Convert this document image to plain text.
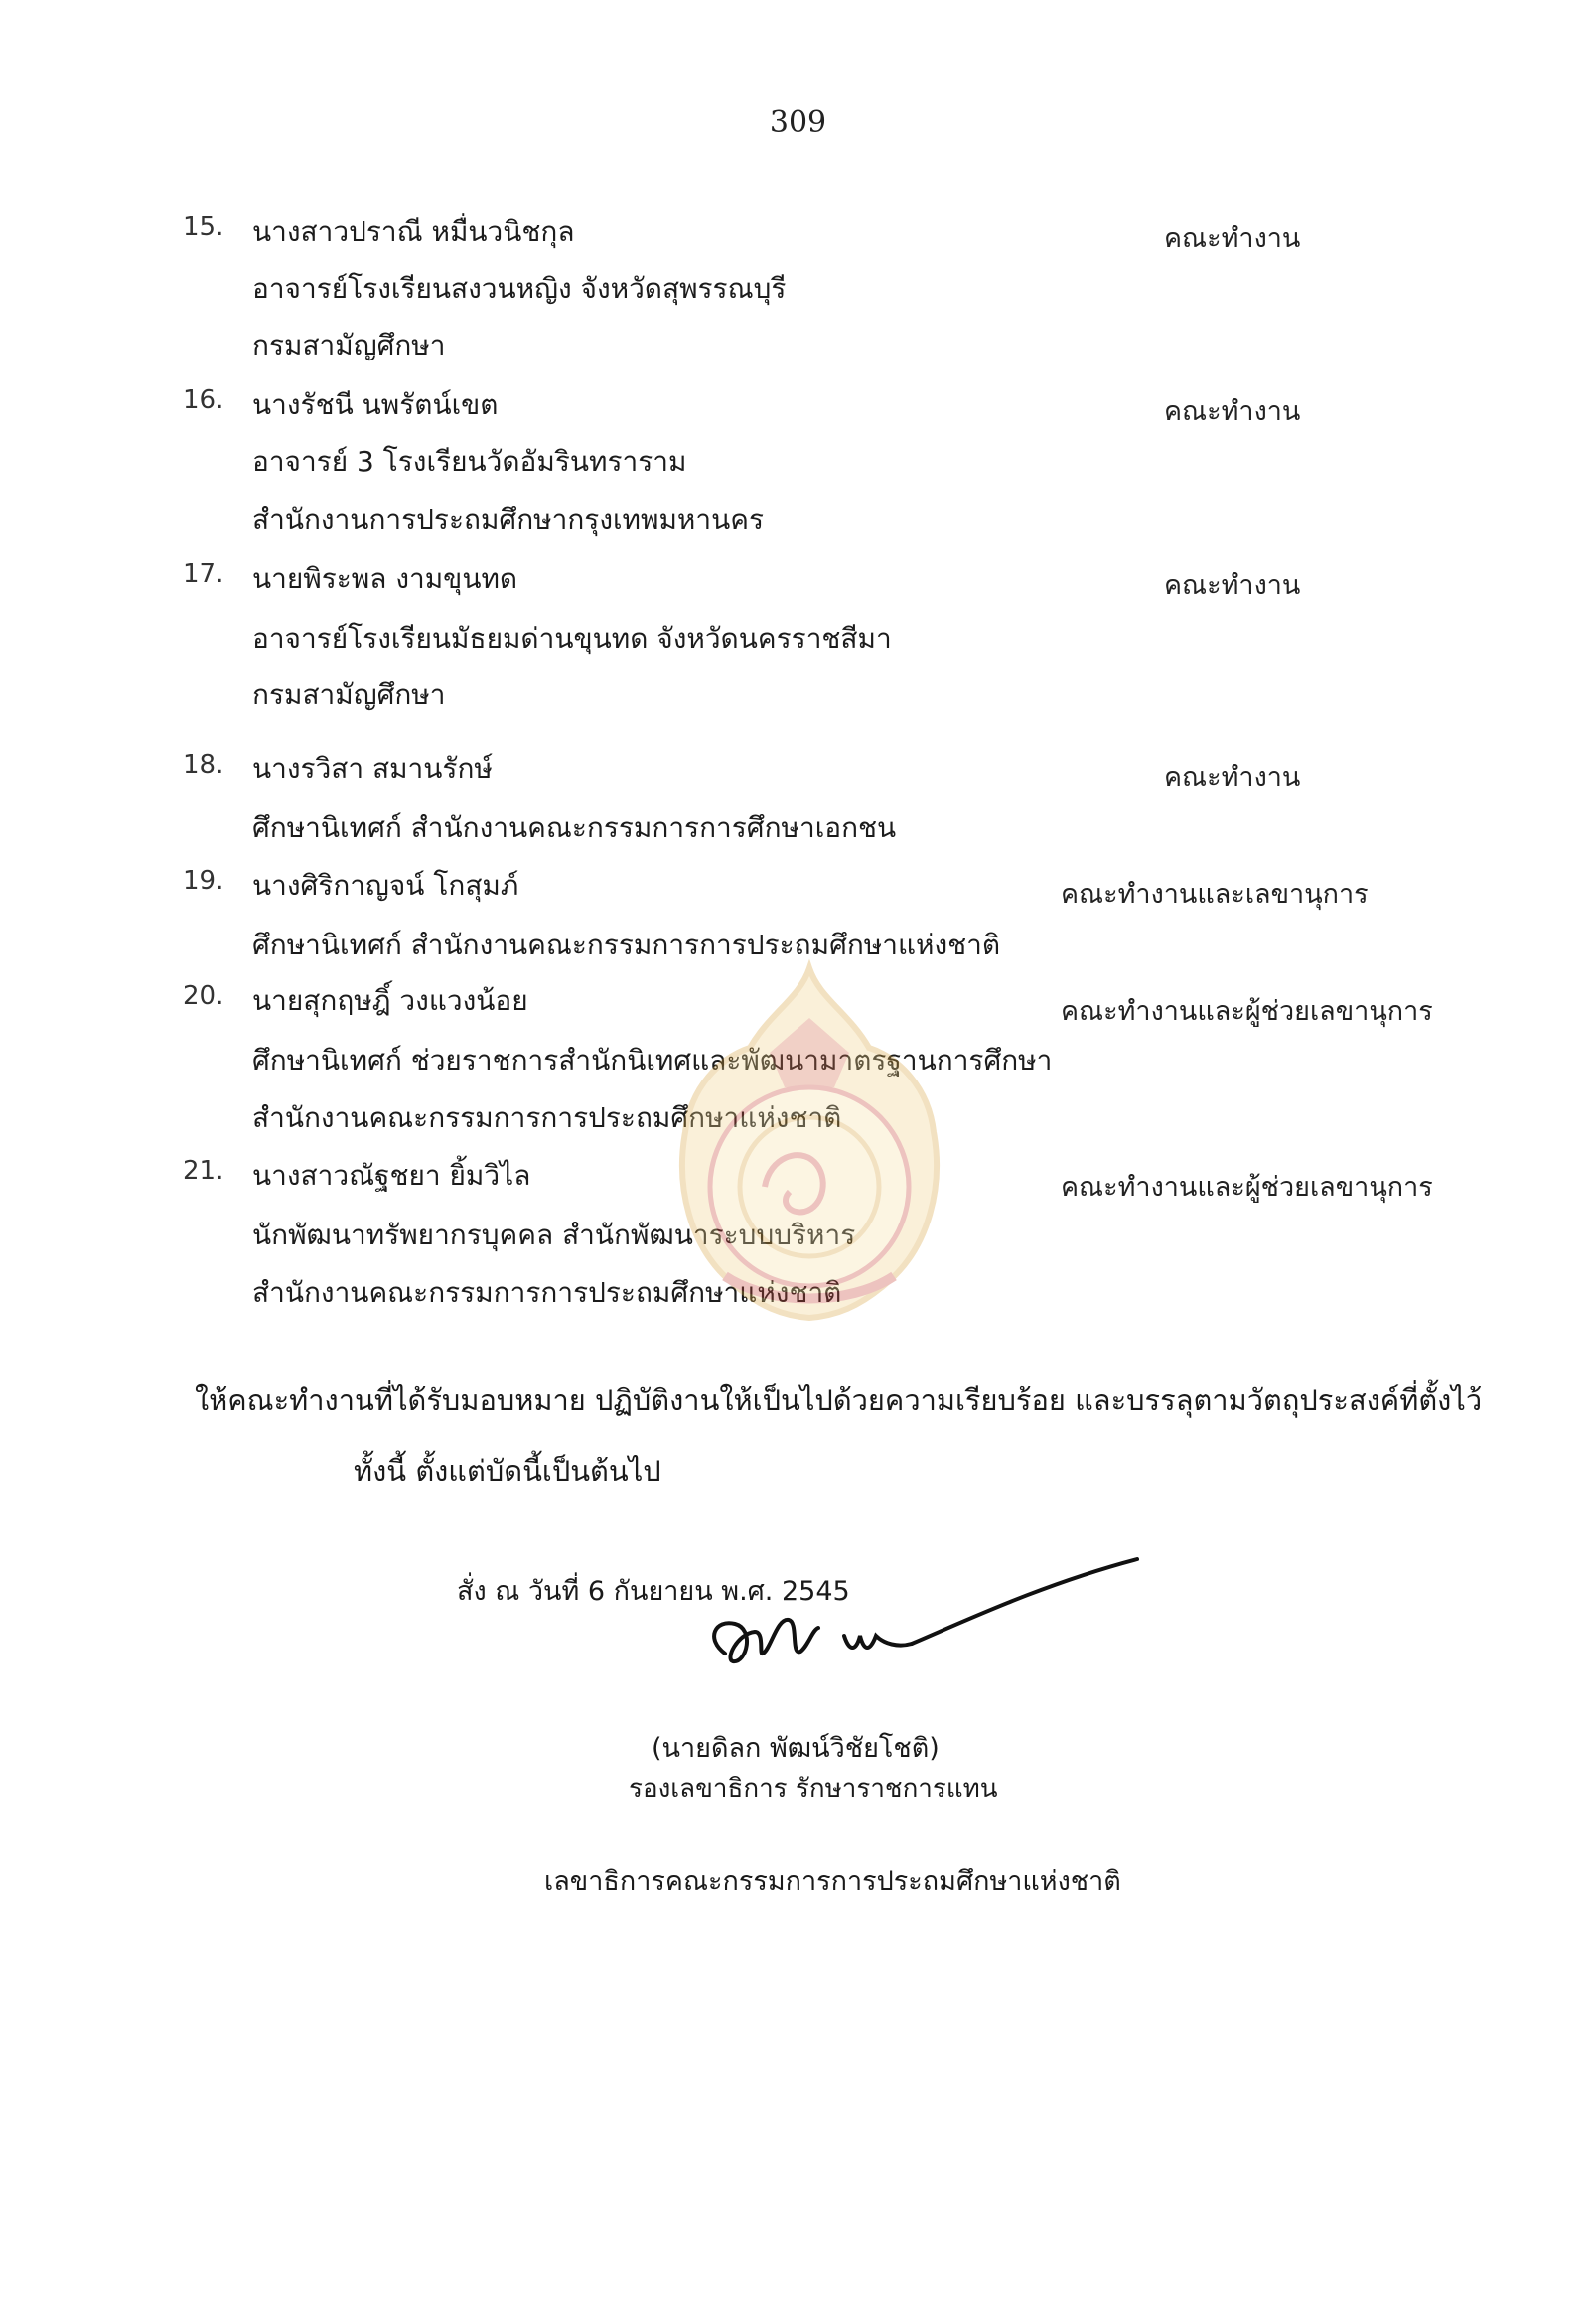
309
15. นางสาวปราณี หมื่นวนิชกุล
อาจารย์โรงเรียนสงวนหญิง จังหวัดสุพรรณบุรี
กรมสามัญศึกษา
คณะทำงาน
16. นางรัชนี นพรัตน์เขต
อาจารย์ 3 โรงเรียนวัดอัมรินทราราม
สำนักงานการประถมศึกษากรุงเทพมหานคร
คณะทำงาน
17. นายพิระพล งามขุนทด
อาจารย์โรงเรียนมัธยมด่านขุนทด จังหวัดนครราชสีมา
กรมสามัญศึกษา
คณะทำงาน
18. นางรวิสา สมานรักษ์
ศึกษานิเทศก์ สำนักงานคณะกรรมการการศึกษาเอกชน
คณะทำงาน
19. นางศิริกาญจน์ โกสุมภ์
ศึกษานิเทศก์ สำนักงานคณะกรรมการการประถมศึกษาแห่งชาติ
คณะทำงานและเลขานุการ
20. นายสุกฤษฎิ์ วงแวงน้อย
ศึกษานิเทศก์ ช่วยราชการสำนักนิเทศและพัฒนามาตรฐานการศึกษา
สำนักงานคณะกรรมการการประถมศึกษาแห่งชาติ
คณะทำงานและผู้ช่วยเลขานุการ
21. นางสาวณัฐชยา ยิ้มวิไล
นักพัฒนาทรัพยากรบุคคล สำนักพัฒนาระบบบริหาร
สำนักงานคณะกรรมการการประถมศึกษาแห่งชาติ
คณะทำงานและผู้ช่วยเลขานุการ
ให้คณะทำงานที่ได้รับมอบหมาย ปฏิบัติงานให้เป็นไปด้วยความเรียบร้อย และบรรลุตามวัตถุประสงค์ที่ตั้งไว้
ทั้งนี้ ตั้งแต่บัดนี้เป็นต้นไป
สั่ง ณ วันที่ 6 กันยายน พ.ศ. 2545
(นายดิลก พัฒน์วิชัยโชติ)
รองเลขาธิการ รักษาราชการแทน
เลขาธิการคณะกรรมการการประถมศึกษาแห่งชาติ
